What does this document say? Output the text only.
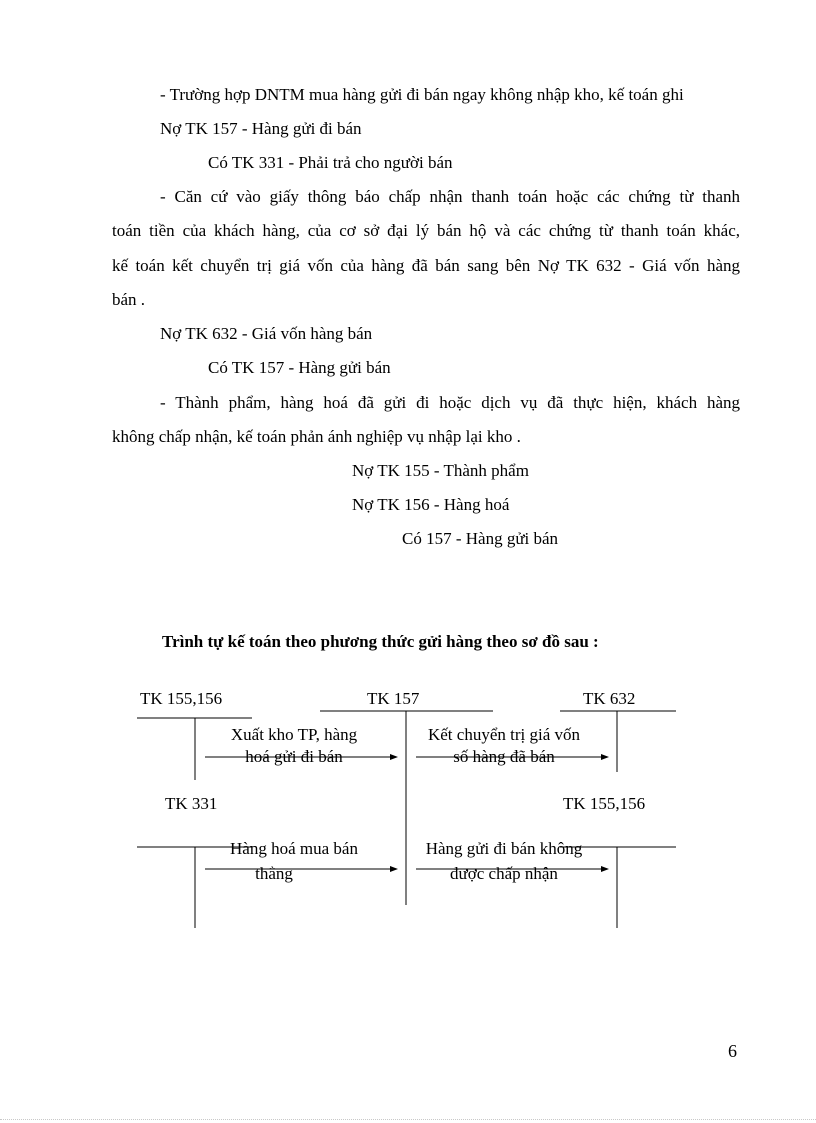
- Trường hợp DNTM mua hàng gửi đi bán ngay không nhập kho, kế toán ghi

Nợ TK 157 - Hàng gửi đi bán

Có TK 331 - Phải trả cho người bán

- Căn cứ vào giấy thông báo chấp nhận thanh toán hoặc các chứng từ thanh

toán tiền của khách hàng, của cơ sở đại lý bán hộ và các chứng từ thanh toán khác,

kế toán kết chuyển trị giá vốn của hàng đã bán sang bên Nợ TK 632 - Giá vốn hàng

bán .

Nợ TK 632 - Giá vốn hàng bán

Có TK 157 - Hàng gửi bán

- Thành phẩm, hàng hoá đã gửi đi hoặc dịch vụ đã thực hiện, khách hàng

không chấp nhận, kế toán phản ánh nghiệp vụ nhập lại kho .

Nợ TK 155 - Thành phẩm

Nợ TK 156 - Hàng hoá

Có 157 - Hàng gửi bán

Trình tự kế toán theo phương thức gửi hàng theo sơ đồ sau :

TK 155,156	TK 157	TK 632
TK 331	TK 155,156
Xuất kho TP, hàng
hoá gửi đi bán
Kết chuyển trị giá vốn
số hàng đã bán
Hàng hoá mua bán
thẳng
Hàng gửi đi bán không
được chấp nhận
6
